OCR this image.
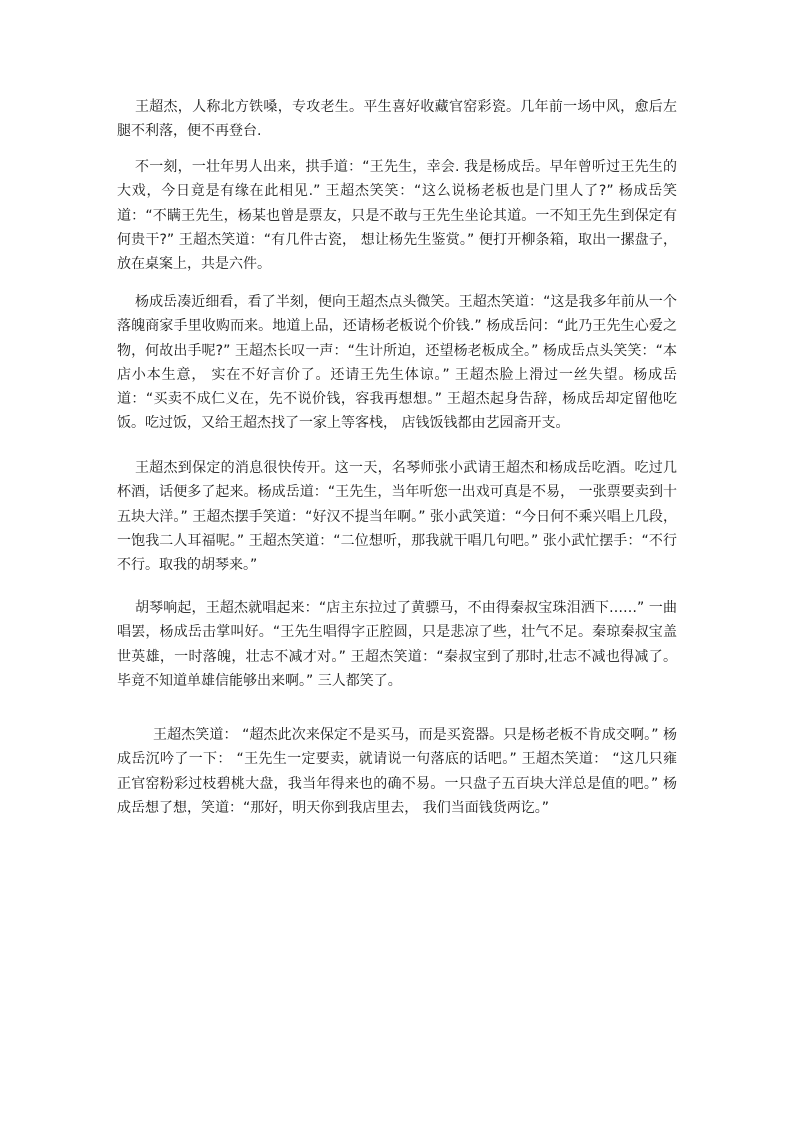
王超杰，人称北方铁嗓，专攻老生。平生喜好收藏官窑彩瓷。几年前一场中风，愈后左腿不利落，便不再登台.

不一刻，一壮年男人出来，拱手道：“王先生，幸会. 我是杨成岳。早年曾听过王先生的大戏，今日竟是有缘在此相见.” 王超杰笑笑：“这么说杨老板也是门里人了?” 杨成岳笑道：“不瞒王先生，杨某也曾是票友，只是不敢与王先生坐论其道。一不知王先生到保定有何贵干?” 王超杰笑道：“有几件古瓷， 想让杨先生鉴赏。” 便打开柳条箱，取出一摞盘子，放在桌案上，共是六件。

杨成岳凑近细看，看了半刻，便向王超杰点头微笑。王超杰笑道：“这是我多年前从一个落魄商家手里收购而来。地道上品，还请杨老板说个价钱.” 杨成岳问：“此乃王先生心爱之物，何故出手呢?” 王超杰长叹一声：“生计所迫，还望杨老板成全。” 杨成岳点头笑笑：“本店小本生意， 实在不好言价了。还请王先生体谅。” 王超杰脸上滑过一丝失望。杨成岳道：“买卖不成仁义在，先不说价钱，容我再想想。” 王超杰起身告辞，杨成岳却定留他吃饭。吃过饭，又给王超杰找了一家上等客栈， 店钱饭钱都由艺园斋开支。

王超杰到保定的消息很快传开。这一天，名琴师张小武请王超杰和杨成岳吃酒。吃过几杯酒，话便多了起来。杨成岳道：“王先生，当年听您一出戏可真是不易， 一张票要卖到十五块大洋。” 王超杰摆手笑道：“好汉不提当年啊。” 张小武笑道：“今日何不乘兴唱上几段，一饱我二人耳福呢。” 王超杰笑道：“二位想听，那我就干唱几句吧。” 张小武忙摆手：“不行不行。取我的胡琴来。”

胡琴响起，王超杰就唱起来：“店主东拉过了黄骠马，不由得秦叔宝珠泪洒下……” 一曲唱罢，杨成岳击掌叫好。“王先生唱得字正腔圆，只是悲凉了些，壮气不足。秦琼秦叔宝盖世英雄，一时落魄，壮志不减才对。” 王超杰笑道：“秦叔宝到了那时,壮志不减也得减了。毕竟不知道单雄信能够出来啊。” 三人都笑了。

王超杰笑道： “超杰此次来保定不是买马，而是买瓷器。只是杨老板不肯成交啊。” 杨成岳沉吟了一下： “王先生一定要卖，就请说一句落底的话吧。” 王超杰笑道： “这几只雍正官窑粉彩过枝碧桃大盘，我当年得来也的确不易。一只盘子五百块大洋总是值的吧。” 杨成岳想了想，笑道：“那好，明天你到我店里去， 我们当面钱货两讫。”
